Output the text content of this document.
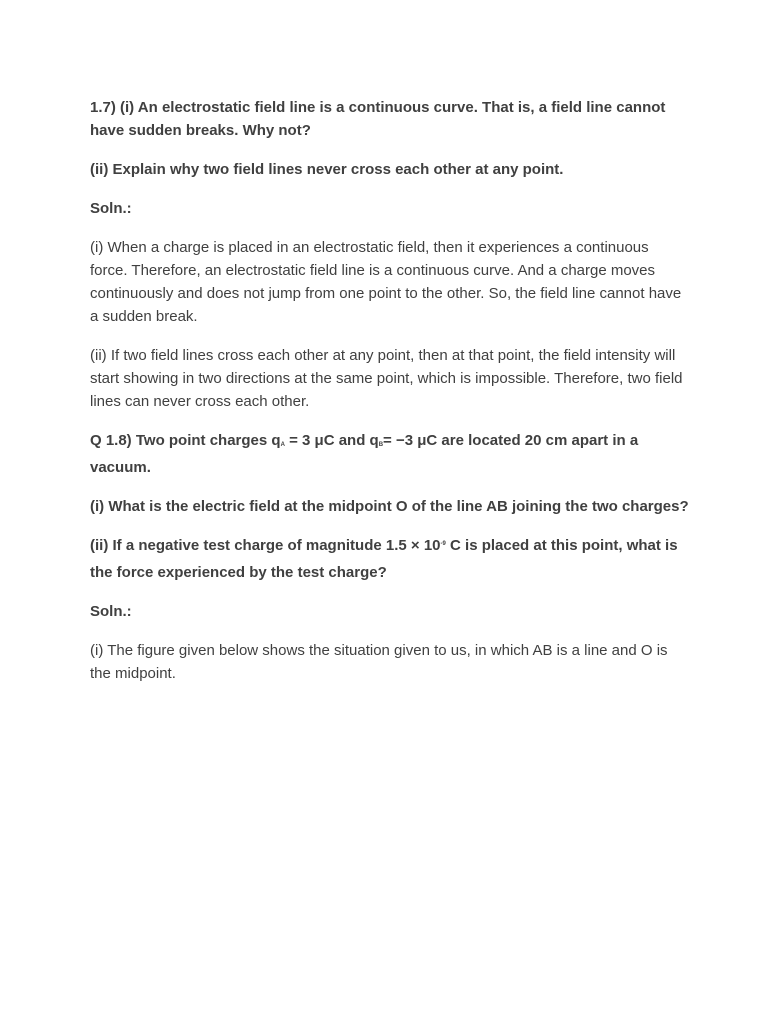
1.7) (i) An electrostatic field line is a continuous curve. That is, a field line cannot have sudden breaks. Why not?

(ii) Explain why two field lines never cross each other at any point.

Soln.:

(i) When a charge is placed in an electrostatic field, then it experiences a continuous force. Therefore, an electrostatic field line is a continuous curve. And a charge moves continuously and does not jump from one point to the other. So, the field line cannot have a sudden break.

(ii) If two field lines cross each other at any point, then at that point, the field intensity will start showing in two directions at the same point, which is impossible. Therefore, two field lines can never cross each other.

Q 1.8) Two point charges $q_A = 3$ μC and $q_B= -3$ μC are located 20 cm apart in a vacuum.

(i) What is the electric field at the midpoint O of the line AB joining the two charges?

(ii) If a negative test charge of magnitude $1.5 \times 10^{-9}$ C is placed at this point, what is the force experienced by the test charge?

Soln.:

(i) The figure given below shows the situation given to us, in which AB is a line and O is the midpoint.
